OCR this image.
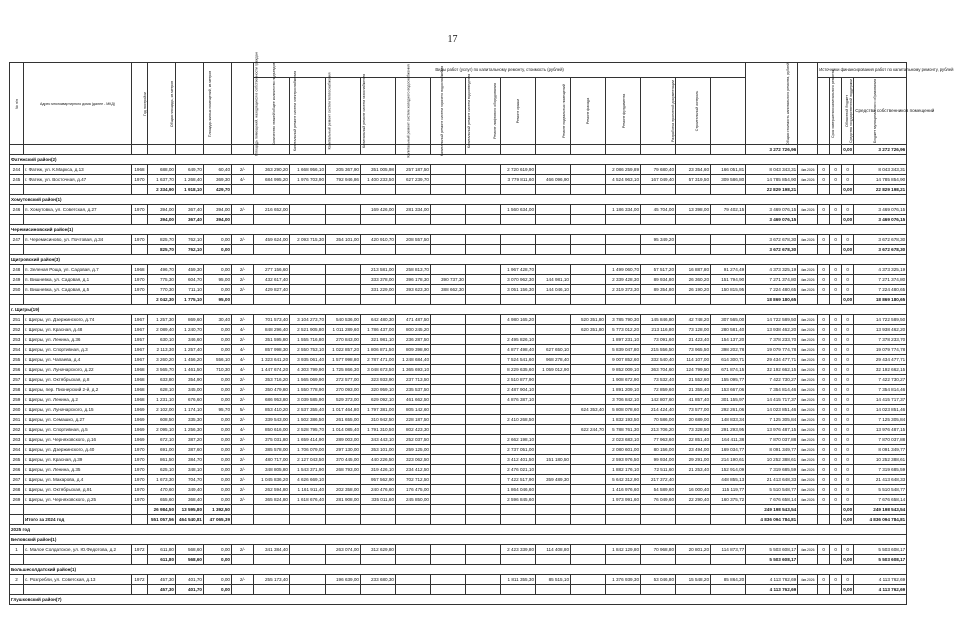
17
№ п/п	Адрес многоквартирного дома (далее - МКД)	Год постройки	Общая площадь, кв.метров	Площадь жилых помещений, кв.метров	Площадь помещений, находящихся в собственности граждан	Количество этажей/общее количество подъездов	Виды работ (услуг) по капитальному ремонту, стоимость (рублей)														Общая стоимость капитального ремонта, рублей	Срок завершения капитального ремонта	Источники финансирования работ по капитальному ремонту, рублей			
							Капитальный ремонт систем электроснабжения	Капитальный ремонт систем теплоснабжения	Капитальный ремонт систем газоснабжения	Капитальный ремонт систем холодного водоснабжения	Капитальный ремонт систем горячего водоснабжения	Капитальный ремонт систем водоотведения	Ремонт лифтового оборудования	Ремонт крыши	Ремонт подвальных помещений	Ремонт фасада	Ремонт фундамента	Разработка проектной документации	Строительный контроль				Средства государственной поддержки	Областной бюджет	Бюджет муниципального образования	Средства собственников помещений
																					3 272 726,96				0,00	3 272 726,96
Фатежский район(2)																										
244	г. Фатеж, ул. К.Маркса, д.13	1968	688,00	649,70	60,40	2/-	363 290,20	1 668 956,10	205 367,90	351 005,98	257 187,50			2 720 619,90			2 086 259,89	79 680,40	23 354,60	166 051,81	8 043 343,31	4кв.2026	0	0	0	8 043 343,31
245	г. Фатеж, ул. Восточная, д.47	1970	1 637,70	1 268,40	369,30	4/-	684 995,20	1 976 703,90	792 946,86	1 400 233,50	627 239,70			3 779 811,60	466 096,90		4 524 963,10	167 049,40	57 319,50	309 586,80	14 785 854,90	4кв.2026	0	0	0	14 785 854,90
			2 334,90	1 918,10	429,70																22 829 198,21				0,00	22 829 198,21
Хомутовский район(1)																										
246	п. Хомутовка, ул. Советская, д.27	1970	394,00	367,40	394,00	2/-	216 652,00			169 426,00	281 334,00			1 560 634,00			1 186 334,00	45 704,00	13 398,00	79 402,15	3 469 076,15	4кв.2026	0	0	0	3 469 076,15
			394,00	367,40	394,00																3 469 076,15				0,00	3 469 076,15
Черемисиновский район(1)																										
247	п. Черемисиново, ул. Почтовая, д.34	1970	825,70	762,10	0,00	2/-	459 624,00	2 093 715,30	354 101,00	420 910,70	208 557,50							95 349,20			3 672 678,30	4кв.2026	0	0	0	3 672 678,30
			825,70	762,10	0,00																3 672 678,30				0,00	3 672 678,30
Щигровский район(3)																										
248	п. Зеленая Роща, ул. Садовая, д.7	1968	496,70	459,30	0,00	2/-	277 156,60			213 581,00	258 813,70			1 967 428,70			1 499 060,70	57 517,20	16 887,80	91 274,49	4 373 325,19	4кв.2026	0	0	0	4 373 325,19
249	п. Вишневка, ул. Садовая, д.1	1970	775,30	604,70	95,00	2/-	432 617,40			333 378,00	396 178,30	390 737,30		3 070 962,30	144 981,10		2 339 428,30	89 934,80	26 360,20	151 794,90	7 271 374,80	4кв.2026	0	0	0	7 271 374,80
250	п. Вишневка, ул. Садовая, д.5	1970	770,30	711,10	0,00	2/-	429 827,40			331 229,00	393 623,30	388 662,30		3 051 156,30	144 046,10		2 319 373,30	89 354,80	26 190,20	150 815,95	7 224 480,65	4кв.2026	0	0	0	7 224 480,65
			2 042,30	1 775,10	95,00																18 869 180,65				0,00	18 869 180,65
г. Щигры(19)																										
251	г. Щигры, ул. Дзержинского, д.74	1967	1 257,30	869,60	30,40	2/-	701 573,40	3 104 273,70	540 536,00	642 480,30	471 487,50			4 980 165,20		520 351,80	3 785 790,30	145 846,80	42 748,20	307 565,00	14 722 589,50	4кв.2026	0	0	0	14 722 589,50
252	г. Щигры, ул. Красная, д.48	1967	2 089,40	1 240,70	0,00	4/-	848 296,40	2 521 905,80	1 011 289,60	1 786 437,00	800 245,20					620 351,80	5 773 012,20	213 116,80	73 128,00	280 581,40	13 938 462,20	4кв.2026	0	0	0	13 938 462,20
253	г. Щигры, ул. Ленина, д.36	1957	630,10	346,60	0,00	2/-	351 595,80	1 555 716,80	270 843,00	321 981,10	236 287,50			2 495 826,10			1 897 231,10	73 091,60	21 423,40	154 137,20	7 378 233,70	4кв.2026	0	0	0	7 378 233,70
254	г. Щигры, ул. Спортивная, д.3	1967	2 113,30	1 257,40	0,00	4/-	857 998,30	2 550 753,10	1 022 857,20	1 806 871,50	809 398,90			4 877 498,40	627 650,10		5 839 047,80	215 556,50	73 965,50	398 202,78	19 079 774,78	4кв.2026	0	0	0	19 079 774,78
255	г. Щигры, ул. Чапаева, д.4	1967	3 260,20	1 456,20	556,10	4/-	1 323 641,20	3 935 061,40	1 577 998,80	2 787 471,00	1 248 684,40			7 524 541,60	968 278,40		9 007 852,60	332 540,40	114 107,00	614 300,71	29 434 477,71	4кв.2026	0	0	0	29 434 477,71
256	г. Щигры, ул. Луначарского, д.22	1968	3 565,70	1 461,50	710,30	4/-	1 447 674,20	4 303 799,90	1 725 866,30	3 048 673,50	1 365 693,10			8 229 635,60	1 059 012,90		9 852 009,10	363 704,60	124 799,50	671 874,15	32 192 662,15	4кв.2026	0	0	0	32 192 662,15
257	г. Щигры, ул. Октябрьская, д.8	1968	633,80	354,90	0,00	2/-	353 716,20	1 565 069,90	272 577,00	323 933,90	237 713,50			2 510 877,90			1 908 672,90	73 532,40	21 552,60	155 095,77	7 422 730,27	4кв.2026	0	0	0	7 422 730,27
258	г. Щигры, пер. Пионерский 2-й, д.2	1968	628,10	345,00	0,00	2/-	350 479,80	1 550 778,90	270 093,00	320 959,10	235 537,50			2 487 904,10			1 891 209,10	72 859,60	21 355,40	153 667,06	7 354 814,46	4кв.2026	0	0	0	7 354 814,46
259	г. Щигры, ул. Ленина, д.2	1968	1 231,10	676,60	0,00	2/-	686 953,80	3 039 585,90	529 373,00	629 092,10	461 662,50			4 876 387,10			3 706 842,10	142 807,60	41 857,40	301 155,97	14 415 717,37	4кв.2026	0	0	0	14 415 717,37
260	г. Щигры, ул. Луначарского, д.15	1969	2 102,00	1 174,10	95,70	5/-	853 410,20	2 537 355,40	1 017 464,80	1 797 381,00	805 142,60					624 353,40	5 808 078,60	214 424,40	73 577,00	292 261,06	14 023 851,46	4кв.2026	0	0	0	14 023 851,46
261	г. Щигры, ул. Семашко, д.27	1969	608,50	335,30	0,00	2/-	339 543,00	1 502 386,50	261 655,00	310 942,50	228 187,50			2 410 268,50			1 832 193,50	70 586,00	20 689,00	148 833,34	7 125 305,84	4кв.2026	0	0	0	7 125 305,84
262	г. Щигры, ул. Спортивная, д.5	1969	2 095,10	1 256,30	0,00	4/-	850 616,00	2 528 795,70	1 014 085,40	1 791 310,50	802 423,30					622 244,70	5 788 761,30	213 706,20	73 328,50	291 293,95	13 976 487,15	4кв.2026	0	0	0	13 976 487,15
263	г. Щигры, ул. Черняховского, д.16	1969	672,10	387,20	0,00	2/-	375 031,80	1 659 414,90	289 003,00	343 443,10	252 037,50			2 662 198,10			2 023 683,10	77 963,60	22 851,40	164 411,38	7 870 037,88	4кв.2026	0	0	0	7 870 037,88
264	г. Щигры, ул. Дзержинского, д.40	1970	691,00	387,60	0,00	2/-	385 578,00	1 706 079,00	297 130,00	353 101,00	259 125,00			2 737 051,00			2 080 601,00	80 156,00	23 494,00	169 034,77	8 091 349,77	4кв.2026	0	0	0	8 091 349,77
265	г. Щигры, ул. Красная, д.39	1970	861,50	384,70	0,00	2/-	480 717,00	2 127 043,50	370 445,00	440 226,50	323 062,50			3 412 401,50	151 180,50		2 593 976,50	99 934,00	29 291,00	214 190,61	10 252 388,61	4кв.2026	0	0	0	10 252 388,61
266	г. Щигры, ул. Ленина, д.35	1970	625,10	348,10	0,00	2/-	348 805,80	1 543 371,90	268 793,00	319 426,10	234 412,50			2 476 021,10			1 882 176,10	72 511,60	21 253,40	152 914,09	7 319 685,59	4кв.2026	0	0	0	7 319 685,59
267	г. Щигры, ул. Макарова, д.4	1970	1 673,30	704,70	0,00	2/-	1 045 836,20	4 626 669,10		957 562,90	702 712,50			7 422 517,90	359 489,30		5 642 312,90	217 372,40		448 855,13	21 413 648,33	4кв.2026	0	0	0	21 413 648,33
268	г. Щигры, ул. Октябрьская, д.91	1970	470,60	349,40	0,00	2/-	262 594,80	1 161 911,40	202 358,00	240 476,60	176 475,00			1 864 046,60			1 416 976,60	54 589,60	16 000,40	115 119,77	5 510 548,77	4кв.2026	0	0	0	5 510 548,77
269	г. Щигры, ул. Черняховского, д.25	1970	655,60	368,40	0,00	2/-	365 824,80	1 618 676,40	281 908,00	335 011,60	245 850,00			2 596 845,60			1 973 991,60	76 049,60	22 290,40	160 375,72	7 676 658,14	4кв.2026	0	0	0	7 676 658,14
			26 984,50	13 595,80	1 392,50																249 198 543,54				0,00	249 198 543,54
	Итого за 2024 год		551 057,56	464 540,81	47 065,39																4 836 094 784,81				0,00	4 836 094 784,81
2025 год																										
Беловский район(1)																										
1	с. Малое Солдатское, ул. Ю.Федотова, д.2	1972	611,80	568,60	0,00	2/-	341 384,40		263 074,00	312 629,80				2 423 339,80	114 408,80		1 842 129,80	70 968,80	20 801,20	114 873,77	5 503 608,17	4кв.2026	0	0	0	5 503 608,17
			611,80	568,60	0,00																5 503 608,17				0,00	5 503 608,17
Большесолдатский район(1)																										
2	с. Розгребли, ул. Советская, д.13	1972	457,30	401,70	0,00	2/-	255 173,40		196 639,00	233 680,30				1 811 355,30	85 515,10		1 376 939,30	53 046,80	15 548,20	85 864,20	4 113 762,69	4кв.2026	0	0	0	4 113 762,69
			457,30	401,70	0,00																4 113 762,69				0,00	4 113 762,69
Глушковский район(7)																										
